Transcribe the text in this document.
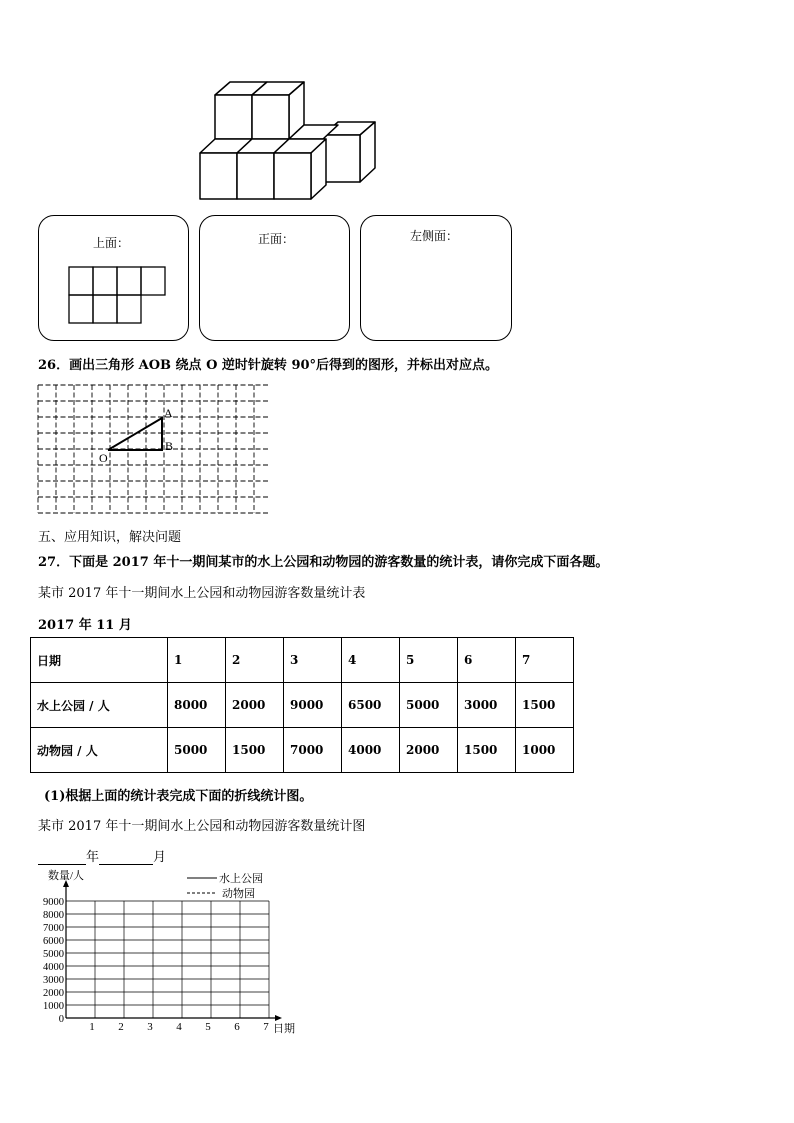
上面：	正面：	左侧面：
26．画出三角形 AOB 绕点 O 逆时针旋转 90°后得到的图形，并标出对应点。
A
B
O
五、应用知识，解决问题
27．下面是 2017 年十一期间某市的水上公园和动物园的游客数量的统计表，请你完成下面各题。
某市 2017 年十一期间水上公园和动物园游客数量统计表
2017 年 11 月
日期	1	2	3	4	5	6	7
水上公园 / 人	8000	2000	9000	6500	5000	3000	1500
动物园 / 人	5000	1500	7000	4000	2000	1500	1000
(1)根据上面的统计表完成下面的折线统计图。
某市 2017 年十一期间水上公园和动物园游客数量统计图
年	月
0
1000
2000
3000
4000
5000
6000
7000
8000
9000
1 2 3 4 5 6 7
数量/人
日期
水上公园
动物园
